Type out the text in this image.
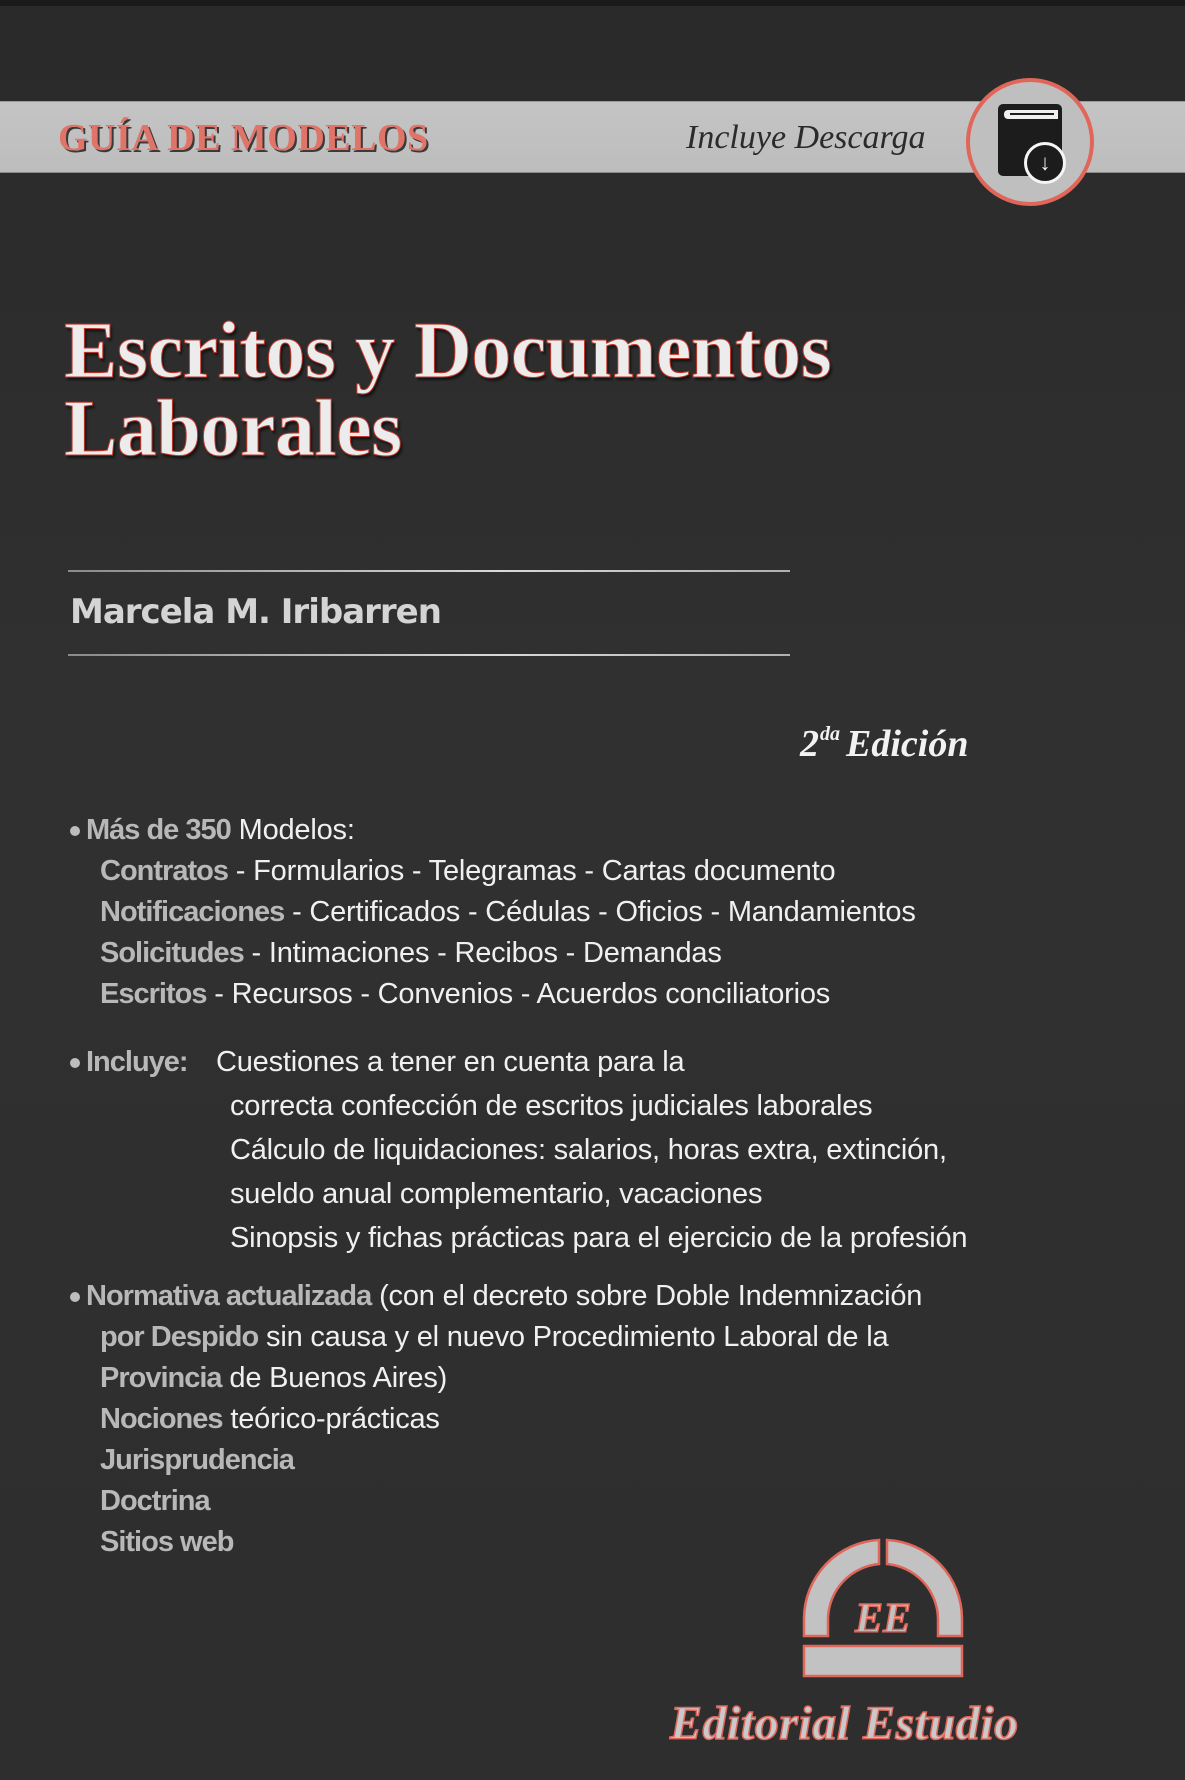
GUÍA DE MODELOS	Incluye Descarga
↓
Escritos y Documentos
Laborales
Marcela M. Iribarren
$2^{da}$ Edición
Más de 350 Modelos:
Contratos - Formularios - Telegramas - Cartas documento
Notificaciones - Certificados - Cédulas - Oficios - Mandamientos
Solicitudes - Intimaciones - Recibos - Demandas
Escritos - Recursos - Convenios - Acuerdos conciliatorios
Incluye: Cuestiones a tener en cuenta para la
correcta confección de escritos judiciales laborales
Cálculo de liquidaciones: salarios, horas extra, extinción,
sueldo anual complementario, vacaciones
Sinopsis y fichas prácticas para el ejercicio de la profesión
Normativa actualizada (con el decreto sobre Doble Indemnización
por Despido sin causa y el nuevo Procedimiento Laboral de la
Provincia de Buenos Aires)
Nociones teórico-prácticas
Jurisprudencia
Doctrina
Sitios web
EE
Editorial Estudio
